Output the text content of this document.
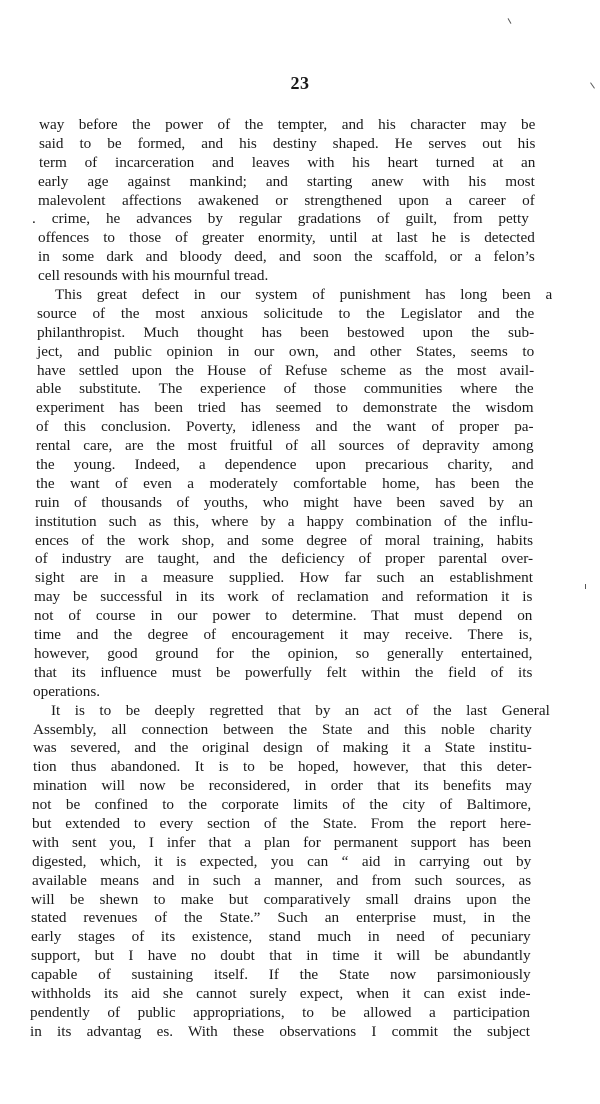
23
way before the power of the tempter, and his character may be
said to be formed, and his destiny shaped. He serves out his
term of incarceration and leaves with his heart turned at an
early age against mankind; and starting anew with his most
malevolent affections awakened or strengthened upon a career of
. crime, he advances by regular gradations of guilt, from petty
offences to those of greater enormity, until at last he is detected
in some dark and bloody deed, and soon the scaffold, or a felon’s
cell resounds with his mournful tread.
This great defect in our system of punishment has long been a
source of the most anxious solicitude to the Legislator and the
philanthropist. Much thought has been bestowed upon the sub-
ject, and public opinion in our own, and other States, seems to
have settled upon the House of Refuse scheme as the most avail-
able substitute. The experience of those communities where the
experiment has been tried has seemed to demonstrate the wisdom
of this conclusion. Poverty, idleness and the want of proper pa-
rental care, are the most fruitful of all sources of depravity among
the young. Indeed, a dependence upon precarious charity, and
the want of even a moderately comfortable home, has been the
ruin of thousands of youths, who might have been saved by an
institution such as this, where by a happy combination of the influ-
ences of the work shop, and some degree of moral training, habits
of industry are taught, and the deficiency of proper parental over-
sight are in a measure supplied. How far such an establishment
may be successful in its work of reclamation and reformation it is
not of course in our power to determine. That must depend on
time and the degree of encouragement it may receive. There is,
however, good ground for the opinion, so generally entertained,
that its influence must be powerfully felt within the field of its
operations.
It is to be deeply regretted that by an act of the last General
Assembly, all connection between the State and this noble charity
was severed, and the original design of making it a State institu-
tion thus abandoned. It is to be hoped, however, that this deter-
mination will now be reconsidered, in order that its benefits may
not be confined to the corporate limits of the city of Baltimore,
but extended to every section of the State. From the report here-
with sent you, I infer that a plan for permanent support has been
digested, which, it is expected, you can “ aid in carrying out by
available means and in such a manner, and from such sources, as
will be shewn to make but comparatively small drains upon the
stated revenues of the State.” Such an enterprise must, in the
early stages of its existence, stand much in need of pecuniary
support, but I have no doubt that in time it will be abundantly
capable of sustaining itself. If the State now parsimoniously
withholds its aid she cannot surely expect, when it can exist inde-
pendently of public appropriations, to be allowed a participation
in its advantag es. With these observations I commit the subject
